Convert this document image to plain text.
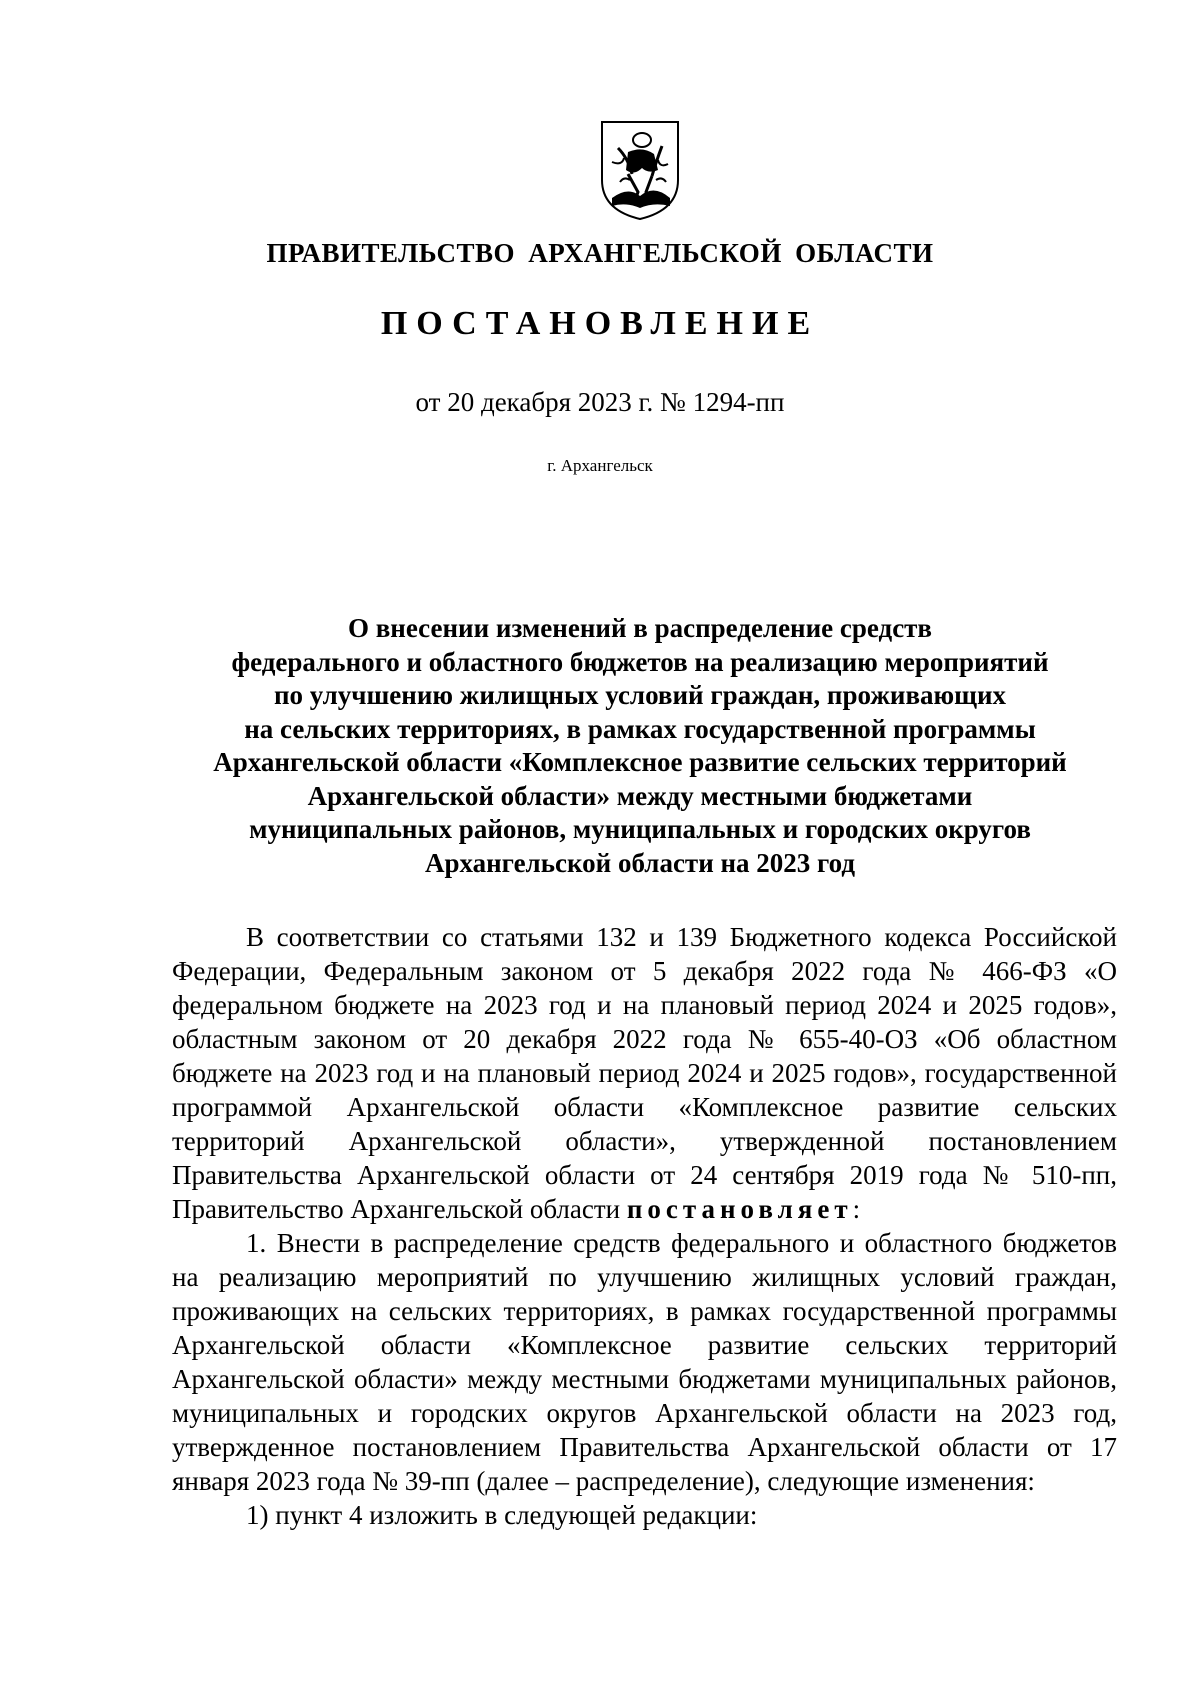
ПРАВИТЕЛЬСТВО АРХАНГЕЛЬСКОЙ ОБЛАСТИ
ПОСТАНОВЛЕНИЕ
от 20 декабря 2023 г. № 1294-пп
г. Архангельск
О внесении изменений в распределение средств
федерального и областного бюджетов на реализацию мероприятий
по улучшению жилищных условий граждан, проживающих
на сельских территориях, в рамках государственной программы
Архангельской области «Комплексное развитие сельских территорий
Архангельской области» между местными бюджетами
муниципальных районов, муниципальных и городских округов
Архангельской области на 2023 год

В соответствии со статьями 132 и 139 Бюджетного кодекса Российской Федерации, Федеральным законом от 5 декабря 2022 года № 466-ФЗ «О федеральном бюджете на 2023 год и на плановый период 2024 и 2025 годов», областным законом от 20 декабря 2022 года № 655-40-ОЗ «Об областном бюджете на 2023 год и на плановый период 2024 и 2025 годов», государственной программой Архангельской области «Комплексное развитие сельских территорий Архангельской области», утвержденной постановлением Правительства Архангельской области от 24 сентября 2019 года № 510-пп, Правительство Архангельской области постановляет:

1. Внести в распределение средств федерального и областного бюджетов на реализацию мероприятий по улучшению жилищных условий граждан, проживающих на сельских территориях, в рамках государственной программы Архангельской области «Комплексное развитие сельских территорий Архангельской области» между местными бюджетами муниципальных районов, муниципальных и городских округов Архангельской области на 2023 год, утвержденное постановлением Правительства Архангельской области от 17 января 2023 года № 39-пп (далее – распределение), следующие изменения:

1) пункт 4 изложить в следующей редакции:
